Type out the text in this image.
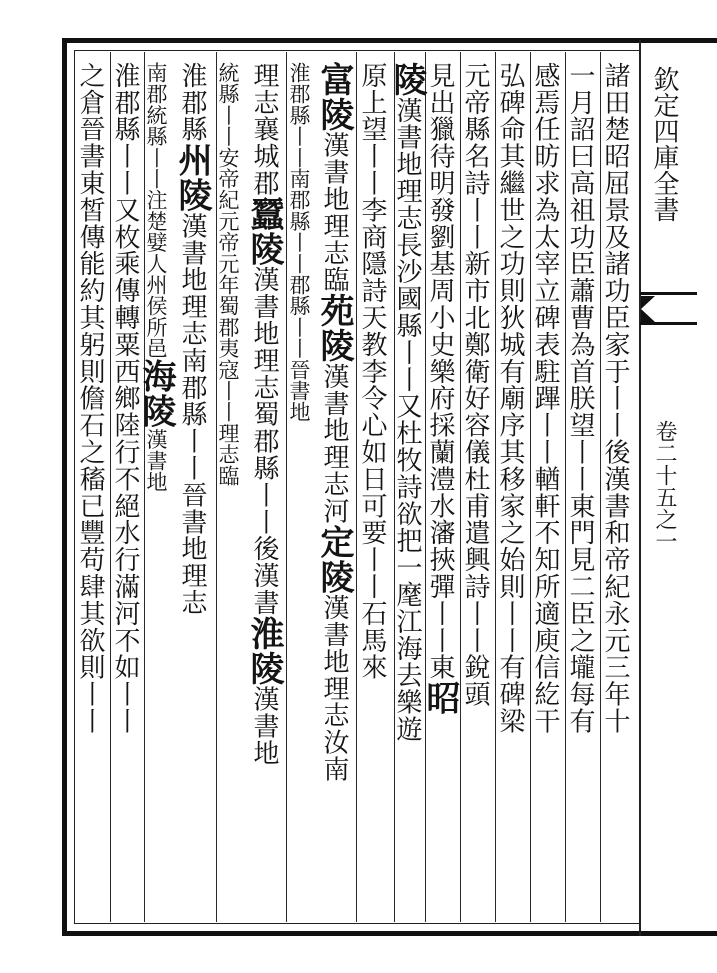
諸田楚昭屈景及諸功臣家于丨丨後漢書和帝紀永元三年十
一月詔曰高祖功臣蕭曹為首朕望丨丨東門見二臣之壠每有
感焉任昉求為太宰立碑表駐蹕丨丨輶軒不知所適庾信紇干
弘碑命其繼世之功則狄城有廟序其移家之始則丨丨有碑梁
元帝縣名詩丨丨新市北鄭衛好容儀杜甫遣興詩丨丨銳頭
見出獵待明發劉基周小史樂府採蘭澧水瀋挾彈丨丨東昭
陵漢書地理志長沙國縣丨丨又杜牧詩欲把一麾江海去樂遊
原上望丨丨李商隱詩天教李令心如日可要丨丨石馬來
富陵漢書地理志臨苑陵漢書地理志河定陵漢書地理志汝南
淮郡縣丨丨南郡縣丨丨郡縣丨丨晉書地
理志襄城郡蠶陵漢書地理志蜀郡縣丨丨後漢書淮陵漢書地
統縣丨丨安帝紀元帝元年蜀郡夷寇丨丨理志臨
淮郡縣州陵漢書地理志南郡縣丨丨晉書地理志
南郡統縣丨丨注楚嬖人州侯所邑海陵漢書地
淮郡縣丨丨又枚乘傳轉粟西鄉陸行不絕水行滿河不如丨丨
之倉晉書東皙傳能約其躬則儋石之稸已豐苟肆其欲則丨丨
欽定四庫全書
卷二十五之一
